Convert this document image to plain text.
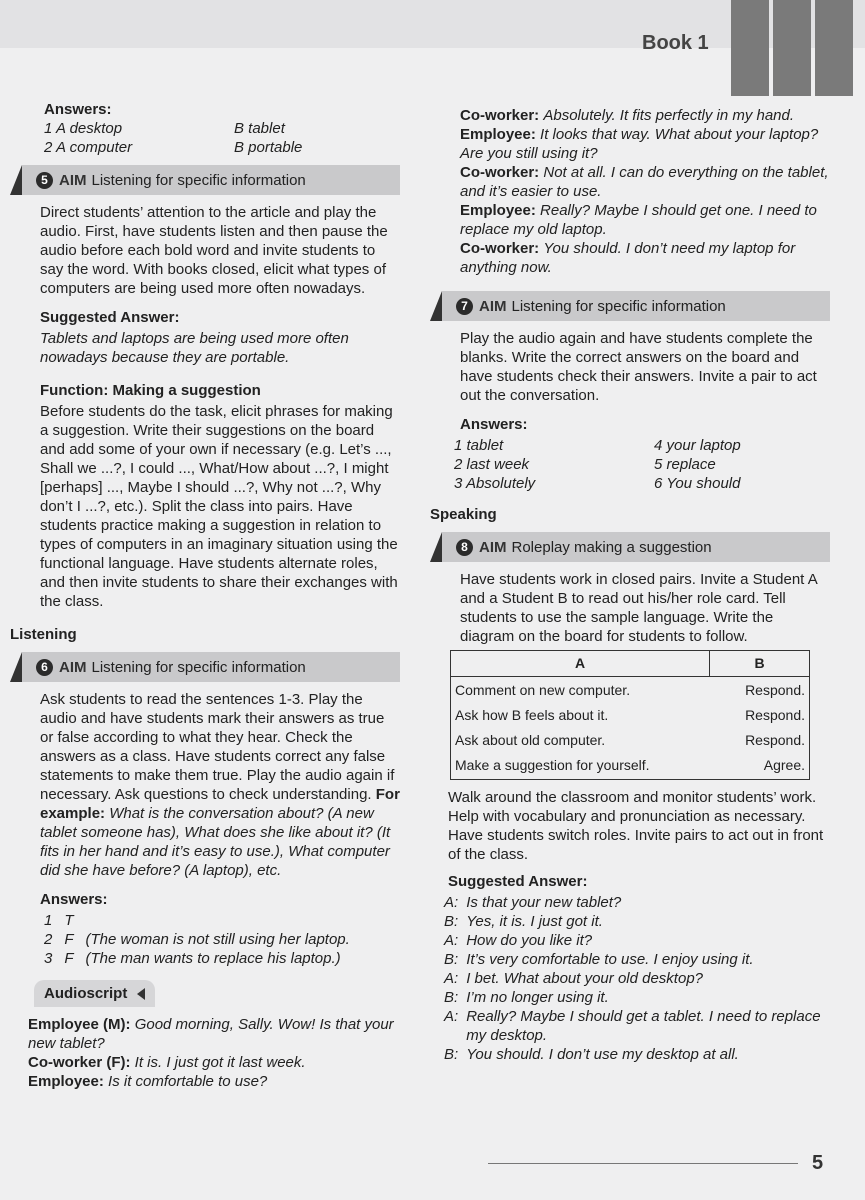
Book 1

Answers:

1 A desktop	B tablet
2 A computer	B portable
5 AIM Listening for specific information

Direct students’ attention to the article and play the audio. First, have students listen and then pause the audio before each bold word and invite students to say the word. With books closed, elicit what types of computers are being used more often nowadays.

Suggested Answer:

Tablets and laptops are being used more often nowadays because they are portable.

Function: Making a suggestion

Before students do the task, elicit phrases for making a suggestion. Write their suggestions on the board and add some of your own if necessary (e.g. Let’s ..., Shall we ...?, I could ..., What/How about ...?, I might [perhaps] ..., Maybe I should ...?, Why not ...?, Why don’t I ...?, etc.). Split the class into pairs. Have students practice making a suggestion in relation to types of computers in an imaginary situation using the functional language. Have students alternate roles, and then invite students to share their exchanges with the class.

Listening

6 AIM Listening for specific information

Ask students to read the sentences 1-3. Play the audio and have students mark their answers as true or false according to what they hear. Check the answers as a class. Have students correct any false statements to make them true. Play the audio again if necessary. Ask questions to check understanding. For example: What is the conversation about? (A new tablet someone has), What does she like about it? (It fits in her hand and it’s easy to use.), What computer did she have before? (A laptop), etc.

Answers:

1 T
2 F (The woman is not still using her laptop.
3 F (The man wants to replace his laptop.)
Audioscript
Employee (M): Good morning, Sally. Wow! Is that your new tablet?
Co-worker (F): It is. I just got it last week.
Employee: Is it comfortable to use?
Co-worker: Absolutely. It fits perfectly in my hand.
Employee: It looks that way. What about your laptop? Are you still using it?
Co-worker: Not at all. I can do everything on the tablet, and it’s easier to use.
Employee: Really? Maybe I should get one. I need to replace my old laptop.
Co-worker: You should. I don’t need my laptop for anything now.
7 AIM Listening for specific information

Play the audio again and have students complete the blanks. Write the correct answers on the board and have students check their answers. Invite a pair to act out the conversation.

Answers:

1 tablet	4 your laptop
2 last week	5 replace
3 Absolutely	6 You should

Speaking

8 AIM Roleplay making a suggestion

Have students work in closed pairs. Invite a Student A and a Student B to read out his/her role card. Tell students to use the sample language. Write the diagram on the board for students to follow.

A	B

Comment on new computer.	Respond.
Ask how B feels about it.	Respond.
Ask about old computer.	Respond.
Make a suggestion for yourself.	Agree.

Walk around the classroom and monitor students’ work. Help with vocabulary and pronunciation as necessary. Have students switch roles. Invite pairs to act out in front of the class.

Suggested Answer:

A: Is that your new tablet?
B: Yes, it is. I just got it.
A: How do you like it?
B: It’s very comfortable to use. I enjoy using it.
A: I bet. What about your old desktop?
B: I’m no longer using it.
A: Really? Maybe I should get a tablet. I need to replace my desktop.
B: You should. I don’t use my desktop at all.
5
